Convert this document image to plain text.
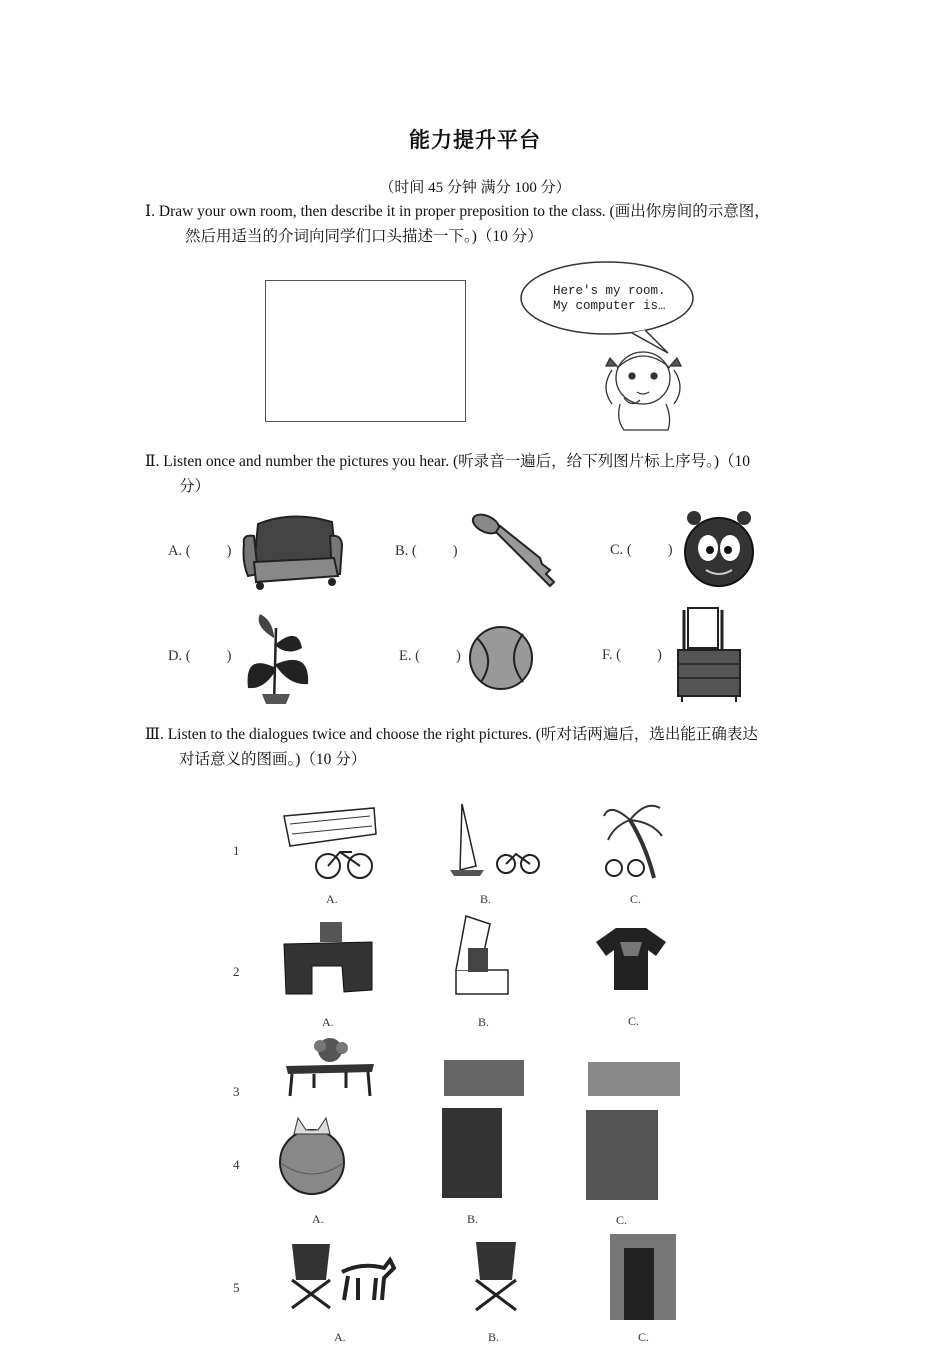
能力提升平台
（时间 45 分钟 满分 100 分）
Ⅰ. Draw your own room, then describe it in proper preposition to the class. (画出你房间的示意图，
然后用适当的介词向同学们口头描述一下。)（10 分）
Here's my room.
My computer is…
Ⅱ. Listen once and number the pictures you hear. (听录音一遍后，给下列图片标上序号。)（10
分）
A. ( )	B. ( )	C. ( )
D. ( )	E. ( )	F. ( )
Ⅲ. Listen to the dialogues twice and choose the right pictures. (听对话两遍后，选出能正确表达
对话意义的图画。)（10 分）
1
A.	B.	C.
2
A.	B.	C.
3
4
A.	B.	C.
5
A.	B.	C.
